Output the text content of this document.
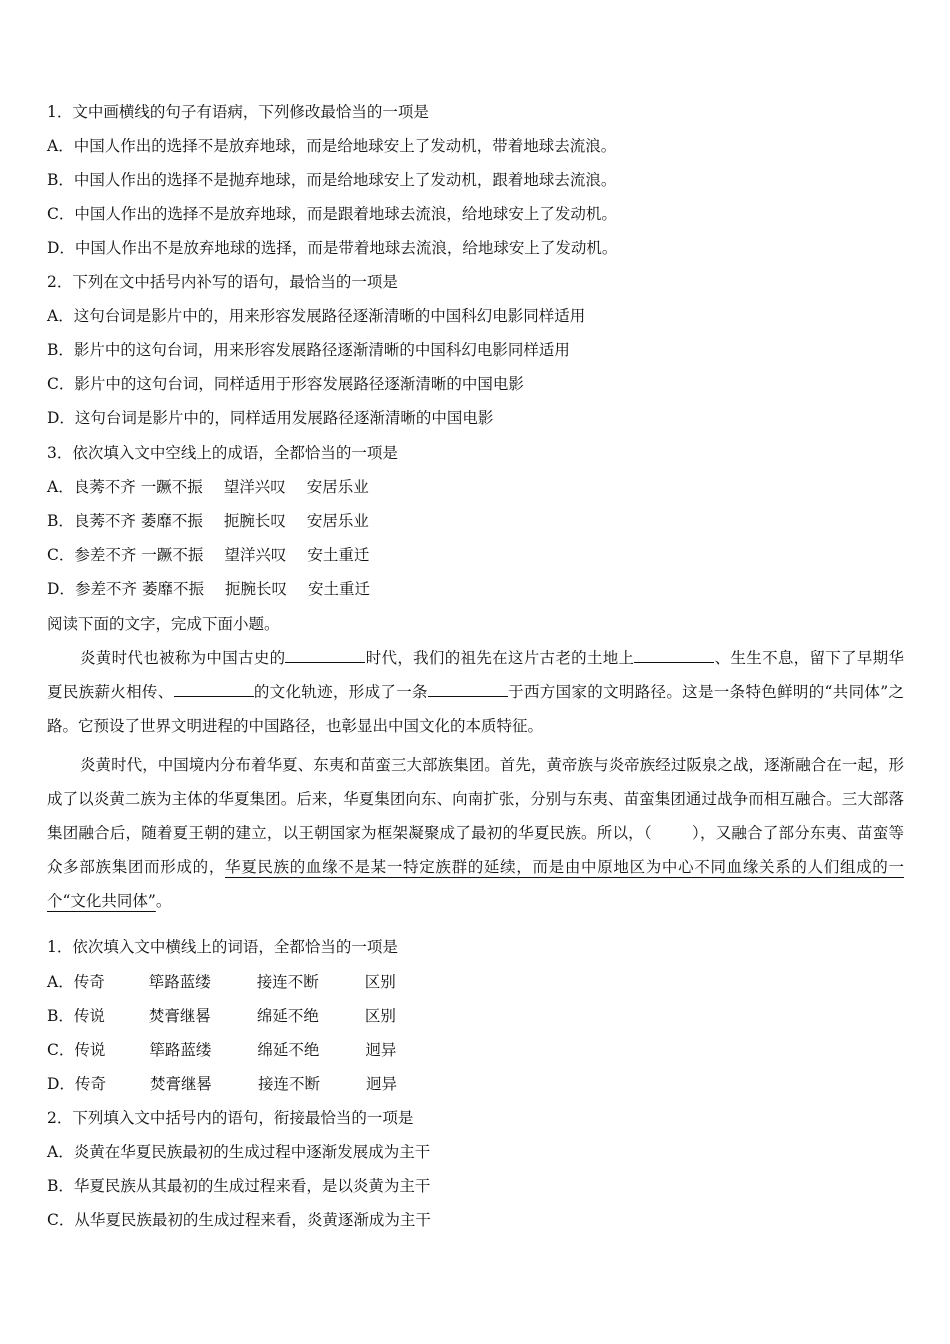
1．文中画横线的句子有语病，下列修改最恰当的一项是
A．中国人作出的选择不是放弃地球，而是给地球安上了发动机，带着地球去流浪。
B．中国人作出的选择不是抛弃地球，而是给地球安上了发动机，跟着地球去流浪。
C．中国人作出的选择不是放弃地球，而是跟着地球去流浪，给地球安上了发动机。
D．中国人作出不是放弃地球的选择，而是带着地球去流浪，给地球安上了发动机。
2．下列在文中括号内补写的语句，最恰当的一项是
A．这句台词是影片中的，用来形容发展路径逐渐清晰的中国科幻电影同样适用
B．影片中的这句台词，用来形容发展路径逐渐清晰的中国科幻电影同样适用
C．影片中的这句台词，同样适用于形容发展路径逐渐清晰的中国电影
D．这句台词是影片中的，同样适用发展路径逐渐清晰的中国电影
3．依次填入文中空线上的成语，全都恰当的一项是
A．良莠不齐 一蹶不振 望洋兴叹 安居乐业
B．良莠不齐 萎靡不振 扼腕长叹 安居乐业
C．参差不齐 一蹶不振 望洋兴叹 安土重迁
D．参差不齐 萎靡不振 扼腕长叹 安土重迁
阅读下面的文字，完成下面小题。
炎黄时代也被称为中国古史的	时代，我们的祖先在这片古老的土地上	、生生不息，留下了早期华夏民族薪火相传、	的文化轨迹，形成了一条	于西方国家的文明路径。这是一条特色鲜明的“共同体”之路。它预设了世界文明进程的中国路径，也彰显出中国文化的本质特征。
炎黄时代，中国境内分布着华夏、东夷和苗蛮三大部族集团。首先，黄帝族与炎帝族经过阪泉之战，逐渐融合在一起，形成了以炎黄二族为主体的华夏集团。后来，华夏集团向东、向南扩张，分别与东夷、苗蛮集团通过战争而相互融合。三大部落集团融合后，随着夏王朝的建立，以王朝国家为框架凝聚成了最初的华夏民族。所以，（	），又融合了部分东夷、苗蛮等众多部族集团而形成的，华夏民族的血缘不是某一特定族群的延续，而是由中原地区为中心不同血缘关系的人们组成的一个“文化共同体”。
1．依次填入文中横线上的词语，全都恰当的一项是
A．传奇	筚路蓝缕	接连不断	区别
B．传说	焚膏继晷	绵延不绝	区别
C．传说	筚路蓝缕	绵延不绝	迥异
D．传奇	焚膏继晷	接连不断	迥异
2．下列填入文中括号内的语句，衔接最恰当的一项是
A．炎黄在华夏民族最初的生成过程中逐渐发展成为主干
B．华夏民族从其最初的生成过程来看，是以炎黄为主干
C．从华夏民族最初的生成过程来看，炎黄逐渐成为主干
